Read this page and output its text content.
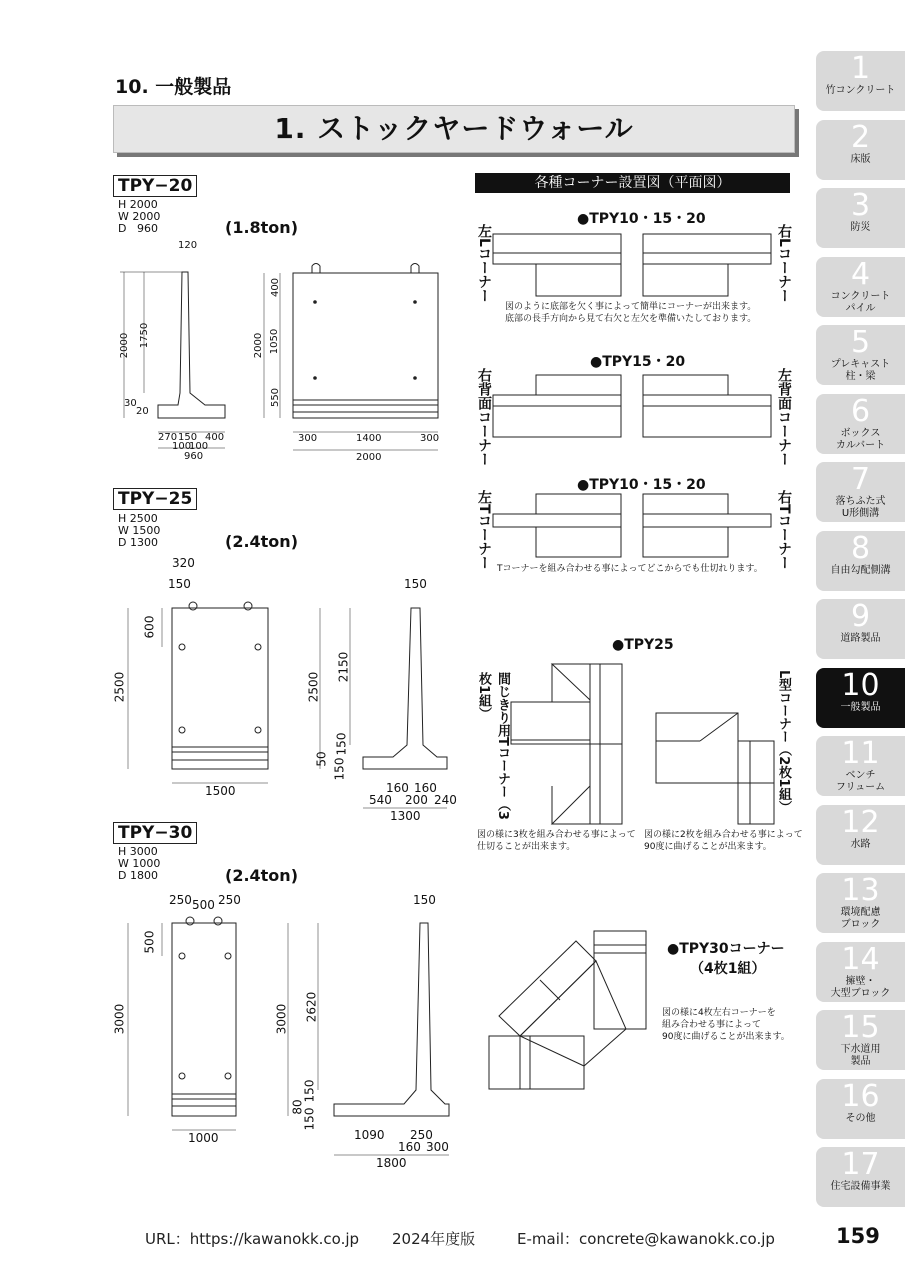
10. 一般製品
1. ストックヤードウォール
TPY−20
H 2000
W 2000
D   960	(1.8ton)
TPY−25
H 2500
W 1500
D 1300	(2.4ton)
TPY−30
H 3000
W 1000
D 1800	(2.4ton)
120
2000 1750
30
20
270 150 400
100
100
960
400
1050
2000
550
300	1400	300
2000
320
150
600
2500
1500
150
2150
2500
150
50 150
160 160
540 200 240
1300
250 500 250
500
3000
1000
150
2620
3000
150
80
150
1090 250
160 300
1800
各種コーナー設置図（平面図）
●TPY10・15・20
左Lコーナー	右Lコーナー
図のように底部を欠く事によって簡単にコーナーが出来ます。
底部の長手方向から見て右欠と左欠を準備いたしております。
●TPY15・20
右背面コーナー	左背面コーナー
●TPY10・15・20
左Tコーナー	右Tコーナー
Tコーナーを組み合わせる事によってどこからでも仕切れります。
●TPY25
間じきり用Tコーナー（3枚1組）	L型コーナー（2枚1組）
図の様に3枚を組み合わせる事によって
仕切ることが出来ます。
図の様に2枚を組み合わせる事によって
90度に曲げることが出来ます。
●TPY30コーナー
（4枚1組）
図の様に4枚左右コーナーを
組み合わせる事によって
90度に曲げることが出来ます。
1
竹コンクリート
2
床版
3
防災
4
コンクリート
パイル
5
プレキャスト
柱・梁
6
ボックス
カルバート
7
落ちふた式
U形側溝
8
自由勾配側溝
9
道路製品
10
一般製品
11
ベンチ
フリューム
12
水路
13
環境配慮
ブロック
14
擁壁・
大型ブロック
15
下水道用
製品
16
その他
17
住宅設備事業
URL：https://kawanokk.co.jp 2024年度版	E-mail：concrete@kawanokk.co.jp	159
